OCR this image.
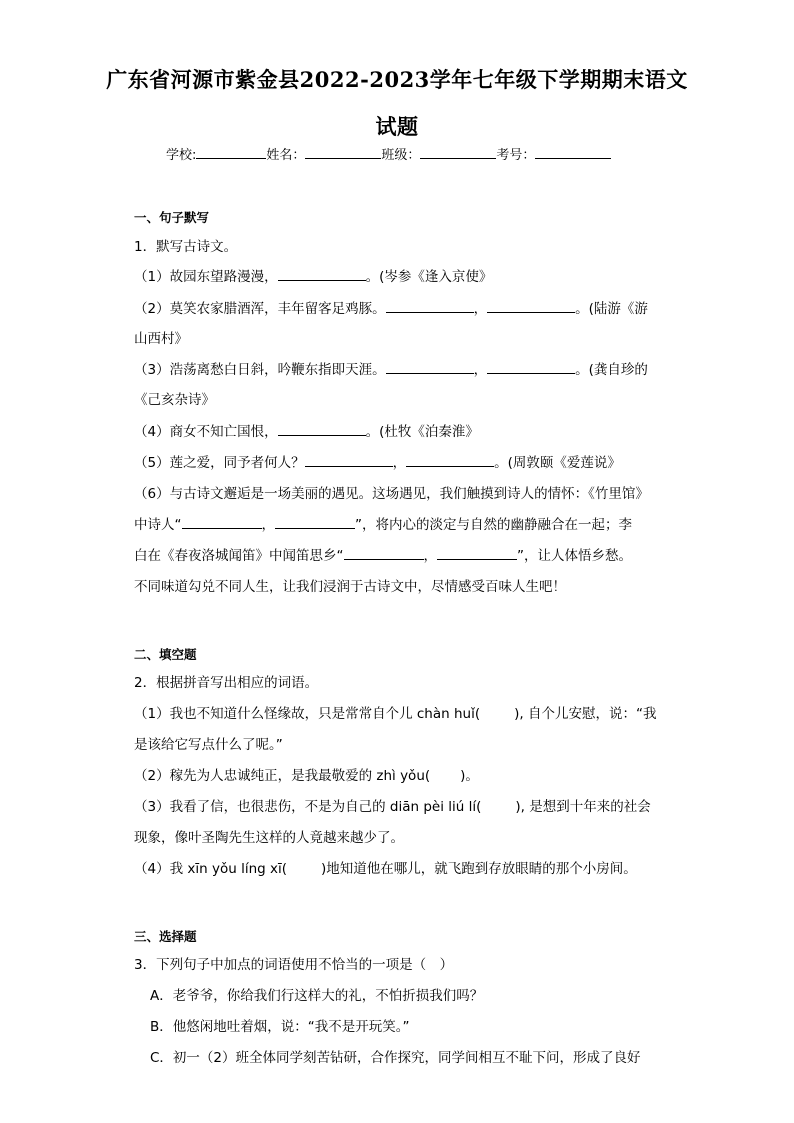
广东省河源市紫金县2022-2023学年七年级下学期期末语文
试题
学校:	姓名：	班级：	考号：
一、句子默写
1．默写古诗文。
（1）故园东望路漫漫，	。(岑参《逢入京使》
（2）莫笑农家腊酒浑，丰年留客足鸡豚。	，	。(陆游《游
山西村》
（3）浩荡离愁白日斜，吟鞭东指即天涯。	，	。(龚自珍的
《己亥杂诗》
（4）商女不知亡国恨，	。(杜牧《泊秦淮》
（5）莲之爱，同予者何人？	，	。(周敦颐《爱莲说》
（6）与古诗文邂逅是一场美丽的遇见。这场遇见，我们触摸到诗人的情怀：《竹里馆》
中诗人“	，	”，将内心的淡定与自然的幽静融合在一起；李
白在《春夜洛城闻笛》中闻笛思乡“	，	”，让人体悟乡愁。
不同味道勾兑不同人生，让我们浸润于古诗文中，尽情感受百味人生吧！
二、填空题
2．根据拼音写出相应的词语。
（1）我也不知道什么怪缘故，只是常常自个儿 chàn huǐ(	), 自个儿安慰，说：“我
是该给它写点什么了呢。”
（2）稼先为人忠诚纯正，是我最敬爱的 zhì yǒu( )。
（3）我看了信，也很悲伤，不是为自己的 diān pèi liú lí(	), 是想到十年来的社会
现象，像叶圣陶先生这样的人竟越来越少了。
（4）我 xīn yǒu líng xī(	)地知道他在哪儿，就飞跑到存放眼睛的那个小房间。
三、选择题
3．下列句子中加点的词语使用不恰当的一项是（　）
A．老爷爷，你给我们行这样大的礼，不怕折损我们吗？
B．他悠闲地吐着烟，说：“我不是开玩笑。”
C．初一（2）班全体同学刻苦钻研，合作探究，同学间相互不耻下问，形成了良好
